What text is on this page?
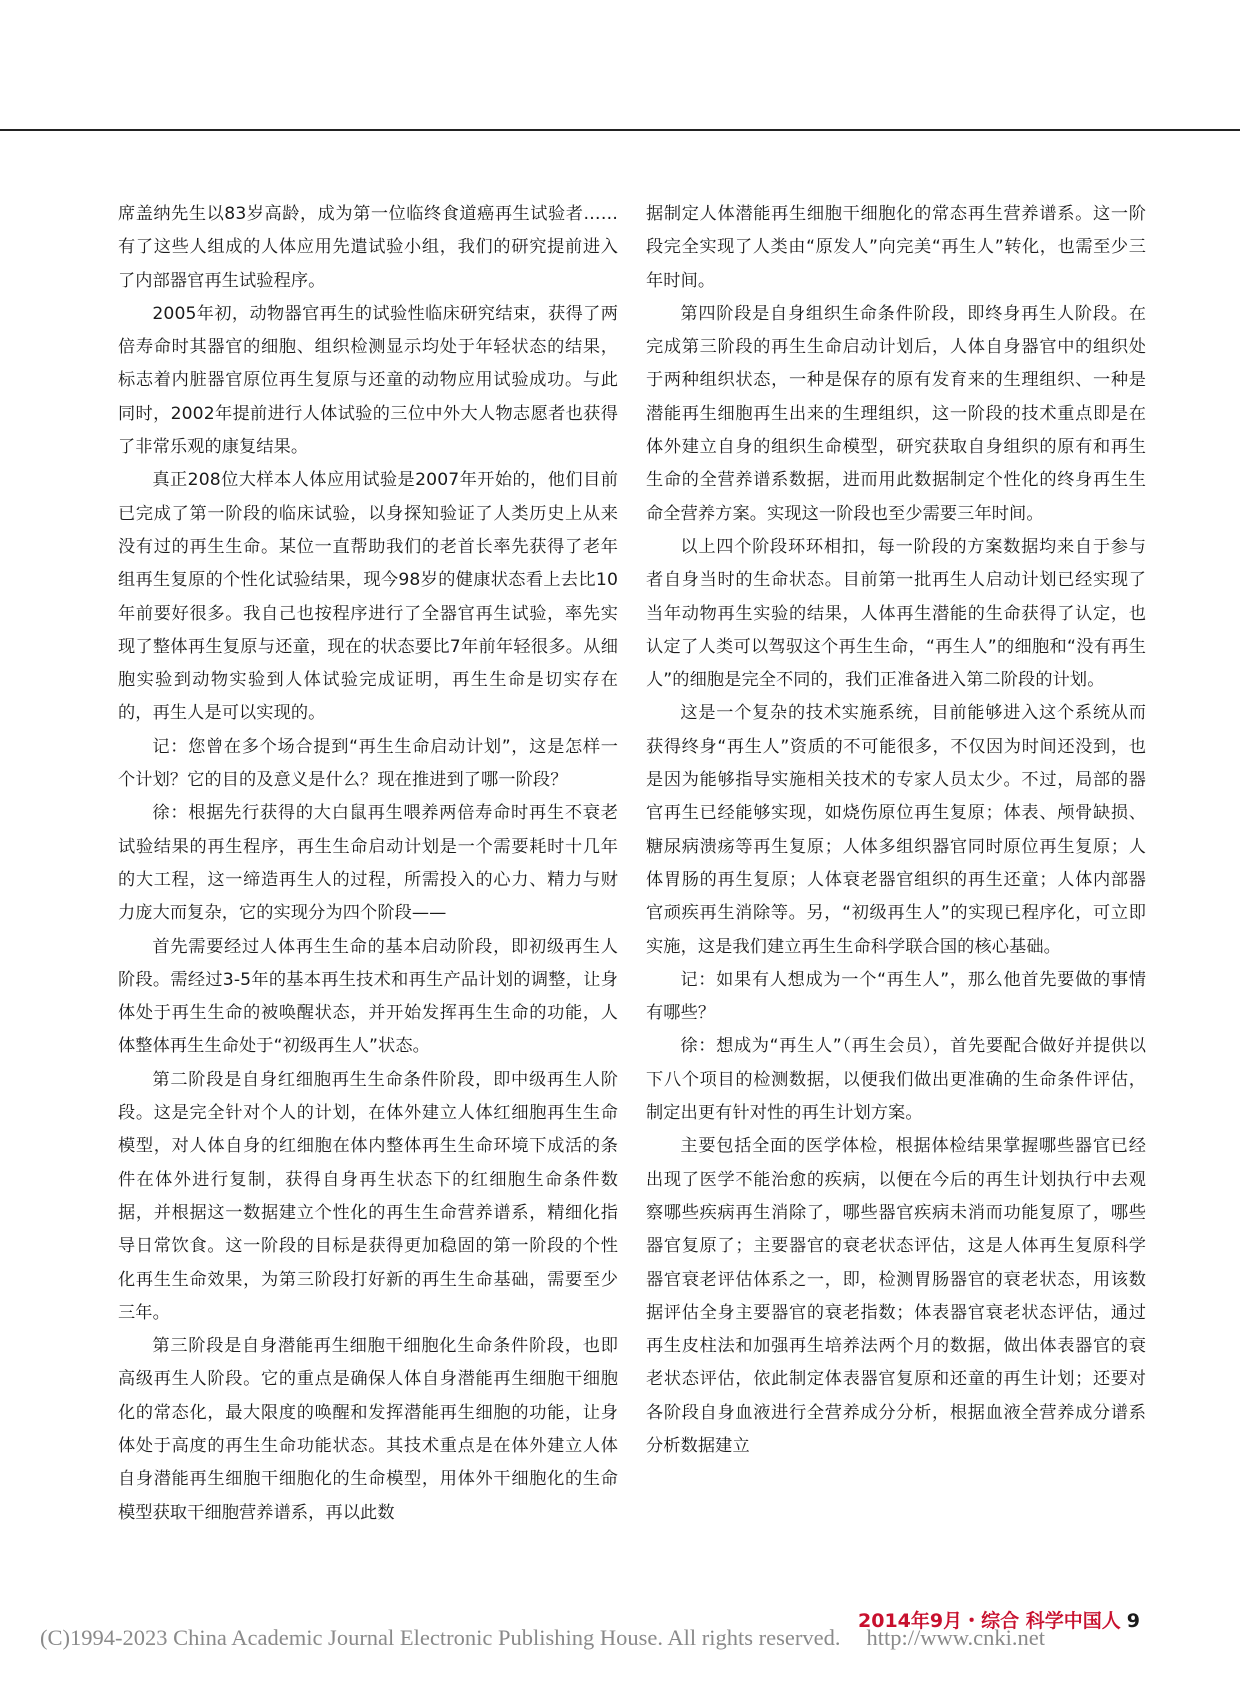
席盖纳先生以83岁高龄，成为第一位临终食道癌再生试验者……有了这些人组成的人体应用先遣试验小组，我们的研究提前进入了内部器官再生试验程序。

2005年初，动物器官再生的试验性临床研究结束，获得了两倍寿命时其器官的细胞、组织检测显示均处于年轻状态的结果，标志着内脏器官原位再生复原与还童的动物应用试验成功。与此同时，2002年提前进行人体试验的三位中外大人物志愿者也获得了非常乐观的康复结果。

真正208位大样本人体应用试验是2007年开始的，他们目前已完成了第一阶段的临床试验，以身探知验证了人类历史上从来没有过的再生生命。某位一直帮助我们的老首长率先获得了老年组再生复原的个性化试验结果，现今98岁的健康状态看上去比10年前要好很多。我自己也按程序进行了全器官再生试验，率先实现了整体再生复原与还童，现在的状态要比7年前年轻很多。从细胞实验到动物实验到人体试验完成证明，再生生命是切实存在的，再生人是可以实现的。

记：您曾在多个场合提到“再生生命启动计划”，这是怎样一个计划？它的目的及意义是什么？现在推进到了哪一阶段？

徐：根据先行获得的大白鼠再生喂养两倍寿命时再生不衰老试验结果的再生程序，再生生命启动计划是一个需要耗时十几年的大工程，这一缔造再生人的过程，所需投入的心力、精力与财力庞大而复杂，它的实现分为四个阶段——

首先需要经过人体再生生命的基本启动阶段，即初级再生人阶段。需经过3-5年的基本再生技术和再生产品计划的调整，让身体处于再生生命的被唤醒状态，并开始发挥再生生命的功能，人体整体再生生命处于“初级再生人”状态。

第二阶段是自身红细胞再生生命条件阶段，即中级再生人阶段。这是完全针对个人的计划，在体外建立人体红细胞再生生命模型，对人体自身的红细胞在体内整体再生生命环境下成活的条件在体外进行复制，获得自身再生状态下的红细胞生命条件数据，并根据这一数据建立个性化的再生生命营养谱系，精细化指导日常饮食。这一阶段的目标是获得更加稳固的第一阶段的个性化再生生命效果，为第三阶段打好新的再生生命基础，需要至少三年。

第三阶段是自身潜能再生细胞干细胞化生命条件阶段，也即高级再生人阶段。它的重点是确保人体自身潜能再生细胞干细胞化的常态化，最大限度的唤醒和发挥潜能再生细胞的功能，让身体处于高度的再生生命功能状态。其技术重点是在体外建立人体自身潜能再生细胞干细胞化的生命模型，用体外干细胞化的生命模型获取干细胞营养谱系，再以此数

据制定人体潜能再生细胞干细胞化的常态再生营养谱系。这一阶段完全实现了人类由“原发人”向完美“再生人”转化，也需至少三年时间。

第四阶段是自身组织生命条件阶段，即终身再生人阶段。在完成第三阶段的再生生命启动计划后，人体自身器官中的组织处于两种组织状态，一种是保存的原有发育来的生理组织、一种是潜能再生细胞再生出来的生理组织，这一阶段的技术重点即是在体外建立自身的组织生命模型，研究获取自身组织的原有和再生生命的全营养谱系数据，进而用此数据制定个性化的终身再生生命全营养方案。实现这一阶段也至少需要三年时间。

以上四个阶段环环相扣，每一阶段的方案数据均来自于参与者自身当时的生命状态。目前第一批再生人启动计划已经实现了当年动物再生实验的结果，人体再生潜能的生命获得了认定，也认定了人类可以驾驭这个再生生命，“再生人”的细胞和“没有再生人”的细胞是完全不同的，我们正准备进入第二阶段的计划。

这是一个复杂的技术实施系统，目前能够进入这个系统从而获得终身“再生人”资质的不可能很多，不仅因为时间还没到，也是因为能够指导实施相关技术的专家人员太少。不过，局部的器官再生已经能够实现，如烧伤原位再生复原；体表、颅骨缺损、糖尿病溃疡等再生复原；人体多组织器官同时原位再生复原；人体胃肠的再生复原；人体衰老器官组织的再生还童；人体内部器官顽疾再生消除等。另，“初级再生人”的实现已程序化，可立即实施，这是我们建立再生生命科学联合国的核心基础。

记：如果有人想成为一个“再生人”，那么他首先要做的事情有哪些？

徐：想成为“再生人”（再生会员），首先要配合做好并提供以下八个项目的检测数据，以便我们做出更准确的生命条件评估，制定出更有针对性的再生计划方案。

主要包括全面的医学体检，根据体检结果掌握哪些器官已经出现了医学不能治愈的疾病，以便在今后的再生计划执行中去观察哪些疾病再生消除了，哪些器官疾病未消而功能复原了，哪些器官复原了；主要器官的衰老状态评估，这是人体再生复原科学器官衰老评估体系之一，即，检测胃肠器官的衰老状态，用该数据评估全身主要器官的衰老指数；体表器官衰老状态评估，通过再生皮柱法和加强再生培养法两个月的数据，做出体表器官的衰老状态评估，依此制定体表器官复原和还童的再生计划；还要对各阶段自身血液进行全营养成分分析，根据血液全营养成分谱系分析数据建立

2014年9月・综合 科学中国人 9
(C)1994-2023 China Academic Journal Electronic Publishing House. All rights reserved. http://www.cnki.net
